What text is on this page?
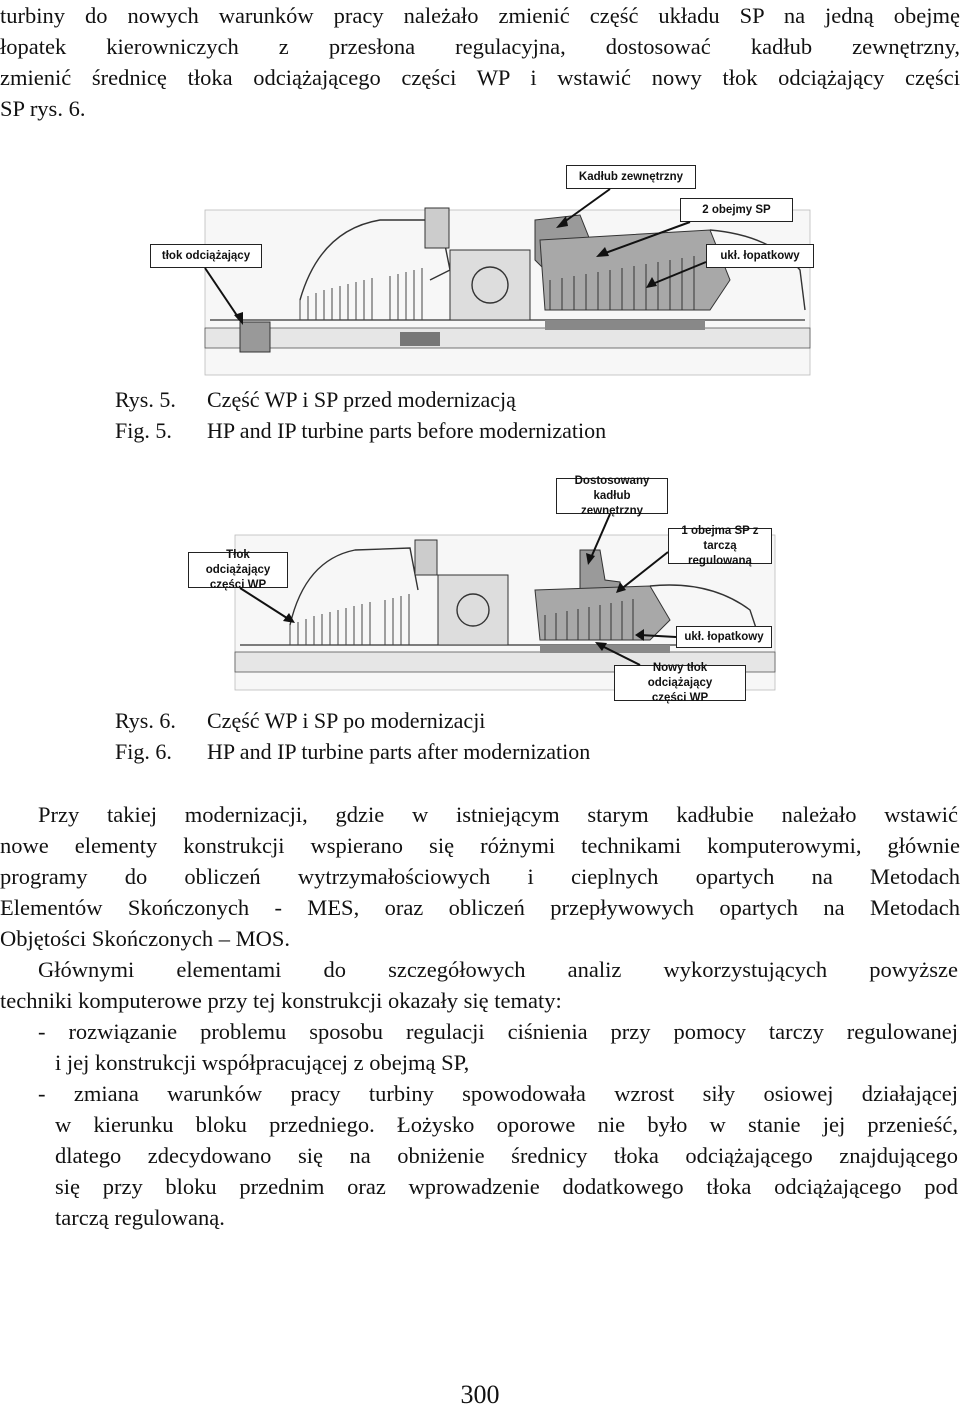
turbiny do nowych warunków pracy należało zmienić część układu SP na jedną obejmę
łopatek kierowniczych z przesłona regulacyjna, dostosować kadłub zewnętrzny,
zmienić średnicę tłoka odciążającego części WP i wstawić nowy tłok odciążający części
SP rys. 6.
Kadłub zewnętrzny
2 obejmy SP
tłok odciążający	ukł. łopatkowy
Rys. 5. Część WP i SP przed modernizacją
Fig. 5. HP and IP turbine parts before modernization
Dostosowany kadłub
zewnętrzny
1 obejma SP z
tarczą regulowaną
Tłok odciążający
części WP
ukł. łopatkowy
Nowy tłok odciążający
części WP
Rys. 6. Część WP i SP po modernizacji
Fig. 6. HP and IP turbine parts after modernization
Przy takiej modernizacji, gdzie w istniejącym starym kadłubie należało wstawić
nowe elementy konstrukcji wspierano się różnymi technikami komputerowymi, głównie
programy do obliczeń wytrzymałościowych i cieplnych opartych na Metodach
Elementów Skończonych - MES, oraz obliczeń przepływowych opartych na Metodach
Objętości Skończonych – MOS.
Głównymi elementami do szczegółowych analiz wykorzystujących powyższe
techniki komputerowe przy tej konstrukcji okazały się tematy:
- rozwiązanie problemu sposobu regulacji ciśnienia przy pomocy tarczy regulowanej
i jej konstrukcji współpracującej z obejmą SP,
- zmiana warunków pracy turbiny spowodowała wzrost siły osiowej działającej
w kierunku bloku przedniego. Łożysko oporowe nie było w stanie jej przenieść,
dlatego zdecydowano się na obniżenie średnicy tłoka odciążającego znajdującego
się przy bloku przednim oraz wprowadzenie dodatkowego tłoka odciążającego pod
tarczą regulowaną.
300
